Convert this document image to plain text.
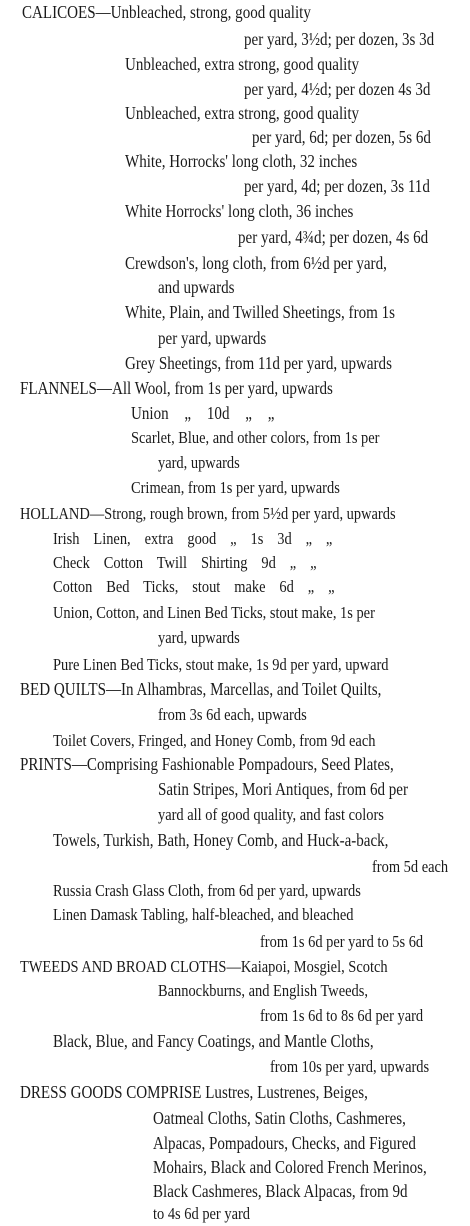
CALICOES—Unbleached, strong, good quality
per yard, 3½d; per dozen, 3s 3d
Unbleached, extra strong, good quality
per yard, 4½d; per dozen 4s 3d
Unbleached, extra strong, good quality
per yard, 6d; per dozen, 5s 6d
White, Horrocks' long cloth, 32 inches
per yard, 4d; per dozen, 3s 11d
White Horrocks' long cloth, 36 inches
per yard, 4¾d; per dozen, 4s 6d
Crewdson's, long cloth, from 6½d per yard,
and upwards
White, Plain, and Twilled Sheetings, from 1s
per yard, upwards
Grey Sheetings, from 11d per yard, upwards
FLANNELS—All Wool, from 1s per yard, upwards
Union „ 10d „ „
Scarlet, Blue, and other colors, from 1s per
yard, upwards
Crimean, from 1s per yard, upwards
HOLLAND—Strong, rough brown, from 5½d per yard, upwards
Irish Linen, extra good „ 1s 3d „ „
Check Cotton Twill Shirting 9d „ „
Cotton Bed Ticks, stout make 6d „ „
Union, Cotton, and Linen Bed Ticks, stout make, 1s per
yard, upwards
Pure Linen Bed Ticks, stout make, 1s 9d per yard, upward
BED QUILTS—In Alhambras, Marcellas, and Toilet Quilts,
from 3s 6d each, upwards
Toilet Covers, Fringed, and Honey Comb, from 9d each
PRINTS—Comprising Fashionable Pompadours, Seed Plates,
Satin Stripes, Mori Antiques, from 6d per
yard all of good quality, and fast colors
Towels, Turkish, Bath, Honey Comb, and Huck-a-back,
from 5d each
Russia Crash Glass Cloth, from 6d per yard, upwards
Linen Damask Tabling, half-bleached, and bleached
from 1s 6d per yard to 5s 6d
TWEEDS AND BROAD CLOTHS—Kaiapoi, Mosgiel, Scotch
Bannockburns, and English Tweeds,
from 1s 6d to 8s 6d per yard
Black, Blue, and Fancy Coatings, and Mantle Cloths,
from 10s per yard, upwards
DRESS GOODS COMPRISE Lustres, Lustrenes, Beiges,
Oatmeal Cloths, Satin Cloths, Cashmeres,
Alpacas, Pompadours, Checks, and Figured
Mohairs, Black and Colored French Merinos,
Black Cashmeres, Black Alpacas, from 9d
to 4s 6d per yard
